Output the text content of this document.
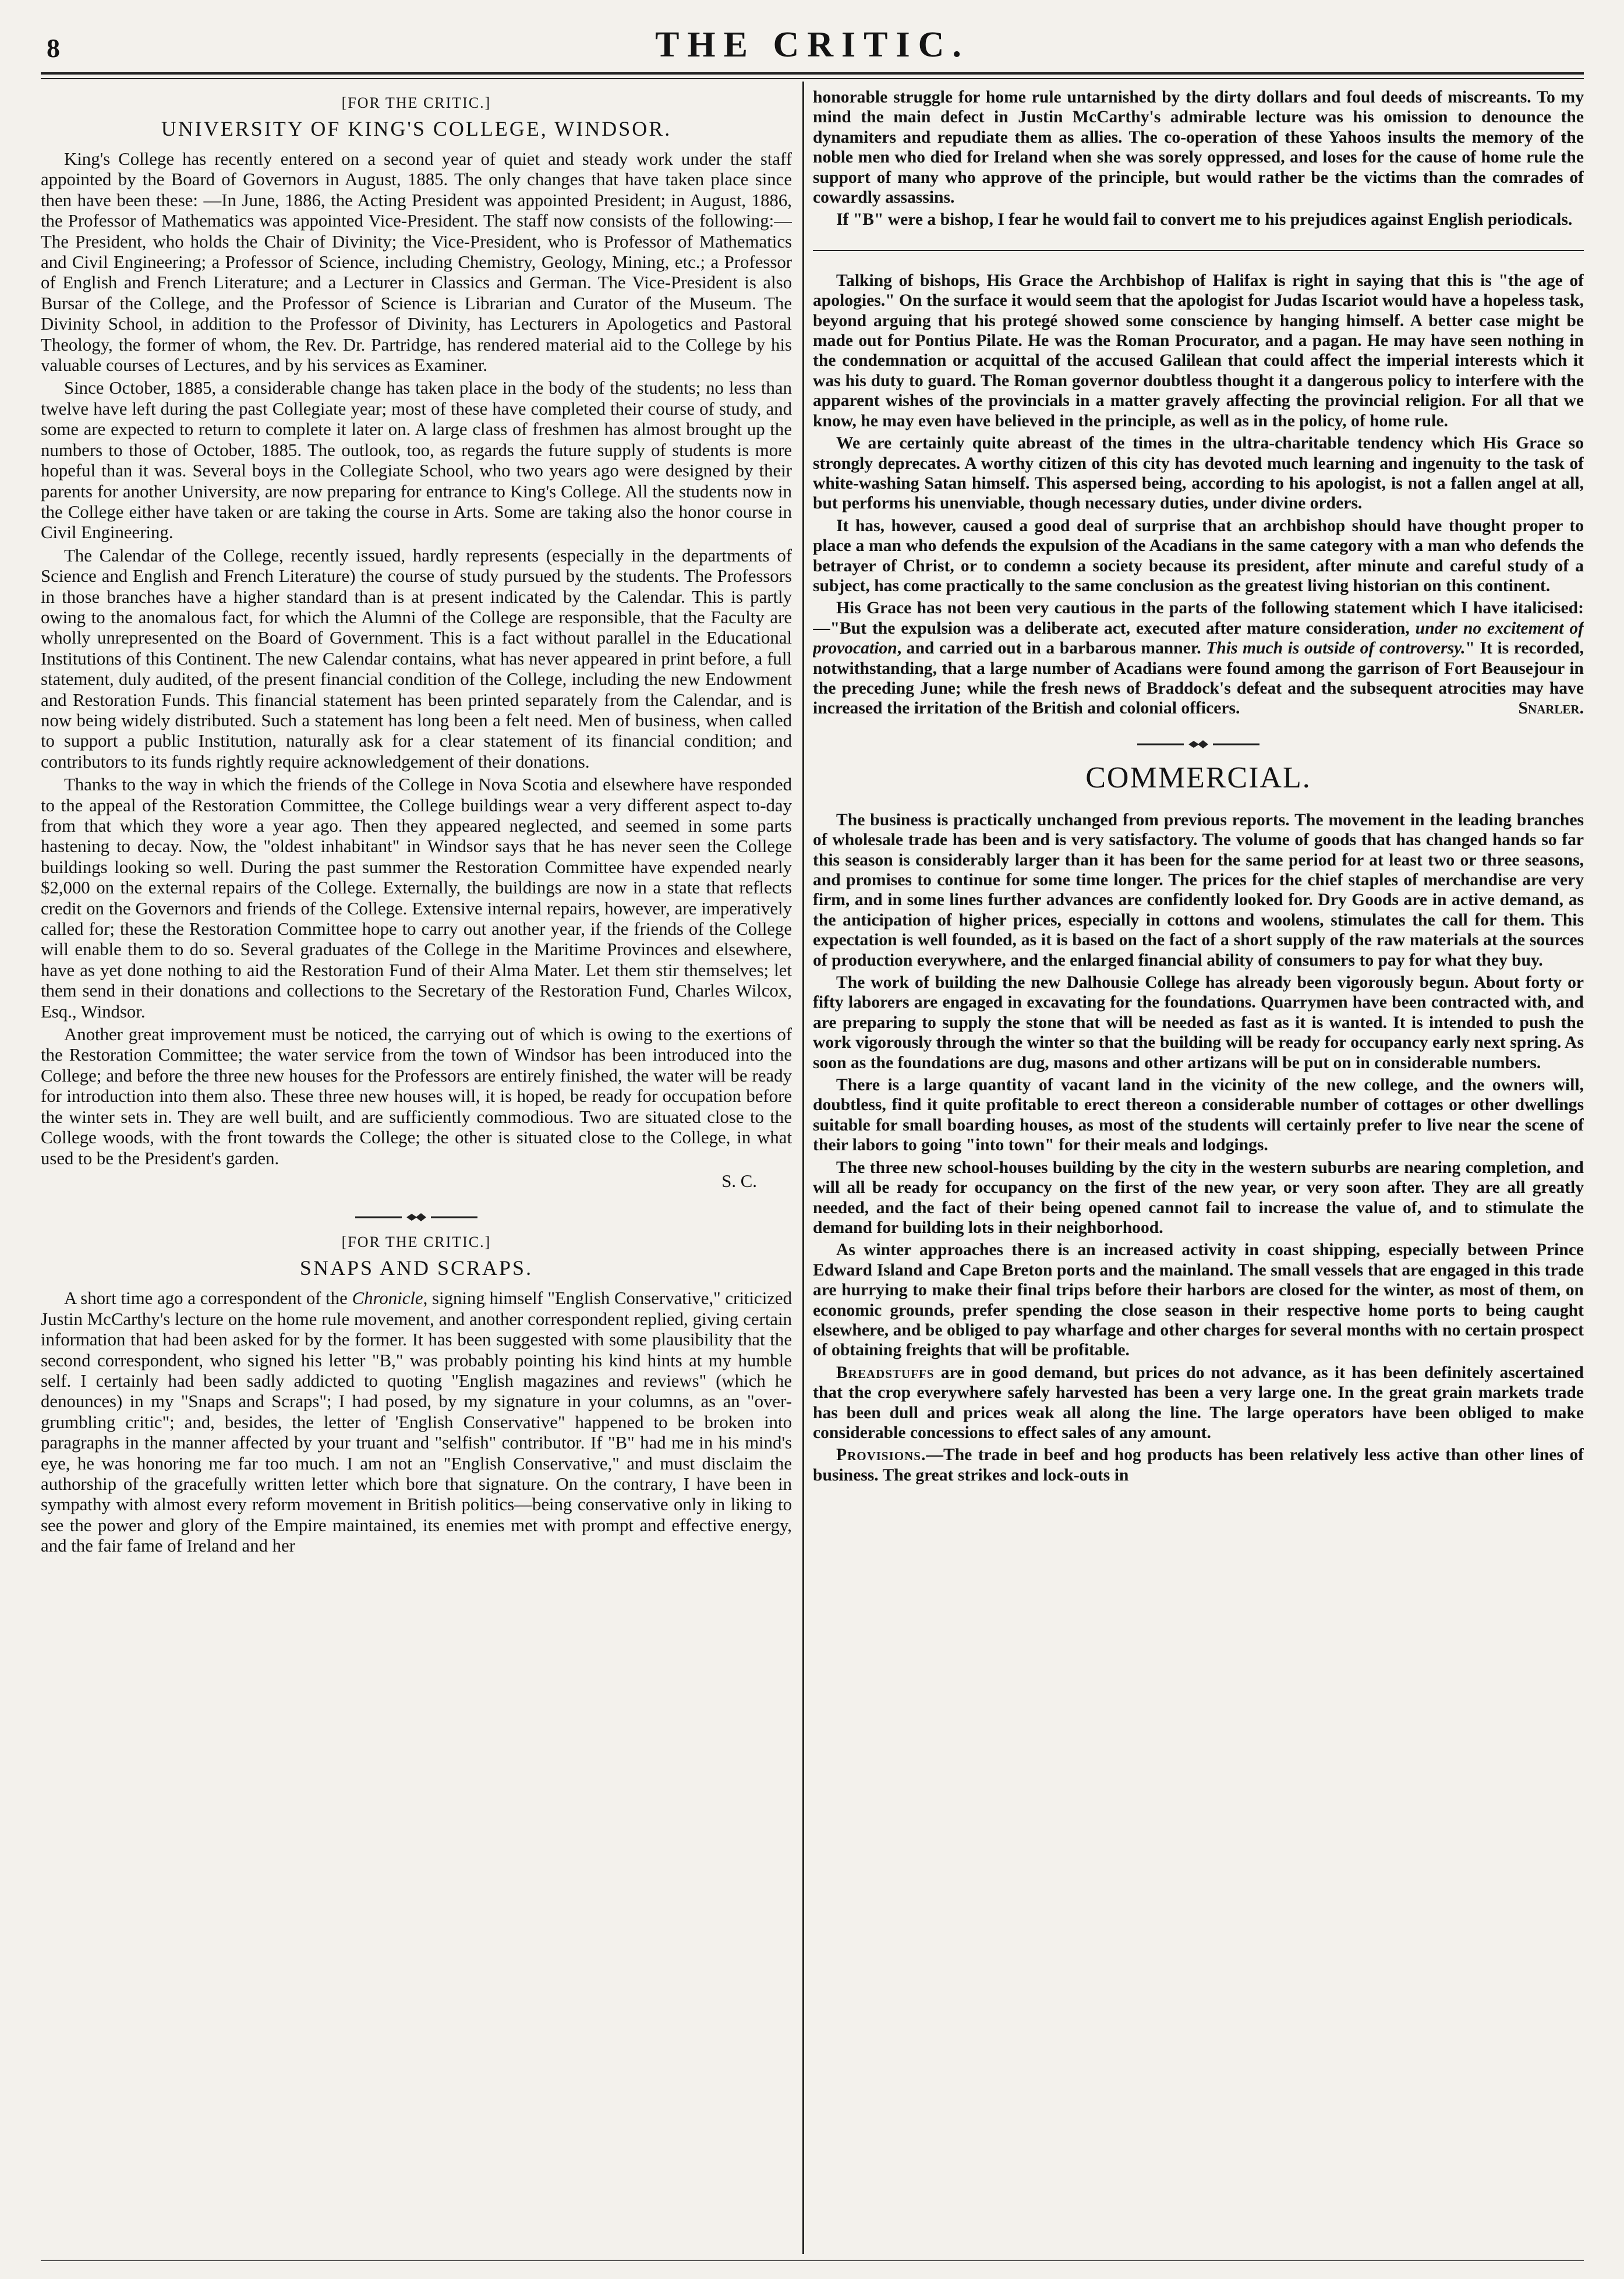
8	THE CRITIC.
[FOR THE CRITIC.]
UNIVERSITY OF KING'S COLLEGE, WINDSOR.

King's College has recently entered on a second year of quiet and steady work under the staff appointed by the Board of Governors in August, 1885. The only changes that have taken place since then have been these: —In June, 1886, the Acting President was appointed President; in August, 1886, the Professor of Mathematics was appointed Vice-President. The staff now consists of the following:—The President, who holds the Chair of Divinity; the Vice-President, who is Professor of Mathematics and Civil Engineering; a Professor of Science, including Chemistry, Geology, Mining, etc.; a Professor of English and French Literature; and a Lecturer in Classics and German. The Vice-President is also Bursar of the College, and the Professor of Science is Librarian and Curator of the Museum. The Divinity School, in addition to the Professor of Divinity, has Lecturers in Apologetics and Pastoral Theology, the former of whom, the Rev. Dr. Partridge, has rendered material aid to the College by his valuable courses of Lectures, and by his services as Examiner.

Since October, 1885, a considerable change has taken place in the body of the students; no less than twelve have left during the past Collegiate year; most of these have completed their course of study, and some are expected to return to complete it later on. A large class of freshmen has almost brought up the numbers to those of October, 1885. The outlook, too, as regards the future supply of students is more hopeful than it was. Several boys in the Collegiate School, who two years ago were designed by their parents for another University, are now preparing for entrance to King's College. All the students now in the College either have taken or are taking the course in Arts. Some are taking also the honor course in Civil Engineering.

The Calendar of the College, recently issued, hardly represents (especially in the departments of Science and English and French Literature) the course of study pursued by the students. The Professors in those branches have a higher standard than is at present indicated by the Calendar. This is partly owing to the anomalous fact, for which the Alumni of the College are responsible, that the Faculty are wholly unrepresented on the Board of Government. This is a fact without parallel in the Educational Institutions of this Continent. The new Calendar contains, what has never appeared in print before, a full statement, duly audited, of the present financial condition of the College, including the new Endowment and Restoration Funds. This financial statement has been printed separately from the Calendar, and is now being widely distributed. Such a statement has long been a felt need. Men of business, when called to support a public Institution, naturally ask for a clear statement of its financial condition; and contributors to its funds rightly require acknowledgement of their donations.

Thanks to the way in which the friends of the College in Nova Scotia and elsewhere have responded to the appeal of the Restoration Committee, the College buildings wear a very different aspect to-day from that which they wore a year ago. Then they appeared neglected, and seemed in some parts hastening to decay. Now, the "oldest inhabitant" in Windsor says that he has never seen the College buildings looking so well. During the past summer the Restoration Committee have expended nearly $2,000 on the external repairs of the College. Externally, the buildings are now in a state that reflects credit on the Governors and friends of the College. Extensive internal repairs, however, are imperatively called for; these the Restoration Committee hope to carry out another year, if the friends of the College will enable them to do so. Several graduates of the College in the Maritime Provinces and elsewhere, have as yet done nothing to aid the Restoration Fund of their Alma Mater. Let them stir themselves; let them send in their donations and collections to the Secretary of the Restoration Fund, Charles Wilcox, Esq., Windsor.

Another great improvement must be noticed, the carrying out of which is owing to the exertions of the Restoration Committee; the water service from the town of Windsor has been introduced into the College; and before the three new houses for the Professors are entirely finished, the water will be ready for introduction into them also. These three new houses will, it is hoped, be ready for occupation before the winter sets in. They are well built, and are sufficiently commodious. Two are situated close to the College woods, with the front towards the College; the other is situated close to the College, in what used to be the President's garden.

S. C.

[FOR THE CRITIC.]
SNAPS AND SCRAPS.

A short time ago a correspondent of the Chronicle, signing himself "English Conservative," criticized Justin McCarthy's lecture on the home rule movement, and another correspondent replied, giving certain information that had been asked for by the former. It has been suggested with some plausibility that the second correspondent, who signed his letter "B," was probably pointing his kind hints at my humble self. I certainly had been sadly addicted to quoting "English magazines and reviews" (which he denounces) in my "Snaps and Scraps"; I had posed, by my signature in your columns, as an "over-grumbling critic"; and, besides, the letter of 'English Conservative" happened to be broken into paragraphs in the manner affected by your truant and "selfish" contributor. If "B" had me in his mind's eye, he was honoring me far too much. I am not an "English Conservative," and must disclaim the authorship of the gracefully written letter which bore that signature. On the contrary, I have been in sympathy with almost every reform movement in British politics—being conservative only in liking to see the power and glory of the Empire maintained, its enemies met with prompt and effective energy, and the fair fame of Ireland and her

honorable struggle for home rule untarnished by the dirty dollars and foul deeds of miscreants. To my mind the main defect in Justin McCarthy's admirable lecture was his omission to denounce the dynamiters and repudiate them as allies. The co-operation of these Yahoos insults the memory of the noble men who died for Ireland when she was sorely oppressed, and loses for the cause of home rule the support of many who approve of the principle, but would rather be the victims than the comrades of cowardly assassins.

If "B" were a bishop, I fear he would fail to convert me to his prejudices against English periodicals.

Talking of bishops, His Grace the Archbishop of Halifax is right in saying that this is "the age of apologies." On the surface it would seem that the apologist for Judas Iscariot would have a hopeless task, beyond arguing that his protegé showed some conscience by hanging himself. A better case might be made out for Pontius Pilate. He was the Roman Procurator, and a pagan. He may have seen nothing in the condemnation or acquittal of the accused Galilean that could affect the imperial interests which it was his duty to guard. The Roman governor doubtless thought it a dangerous policy to interfere with the apparent wishes of the provincials in a matter gravely affecting the provincial religion. For all that we know, he may even have believed in the principle, as well as in the policy, of home rule.

We are certainly quite abreast of the times in the ultra-charitable tendency which His Grace so strongly deprecates. A worthy citizen of this city has devoted much learning and ingenuity to the task of white-washing Satan himself. This aspersed being, according to his apologist, is not a fallen angel at all, but performs his unenviable, though necessary duties, under divine orders.

It has, however, caused a good deal of surprise that an archbishop should have thought proper to place a man who defends the expulsion of the Acadians in the same category with a man who defends the betrayer of Christ, or to condemn a society because its president, after minute and careful study of a subject, has come practically to the same conclusion as the greatest living historian on this continent.

His Grace has not been very cautious in the parts of the following statement which I have italicised:—"But the expulsion was a deliberate act, executed after mature consideration, under no excitement of provocation, and carried out in a barbarous manner. This much is outside of controversy." It is recorded, notwithstanding, that a large number of Acadians were found among the garrison of Fort Beausejour in the preceding June; while the fresh news of Braddock's defeat and the subsequent atrocities may have increased the irritation of the British and colonial officers.	Snarler.

COMMERCIAL.

The business is practically unchanged from previous reports. The movement in the leading branches of wholesale trade has been and is very satisfactory. The volume of goods that has changed hands so far this season is considerably larger than it has been for the same period for at least two or three seasons, and promises to continue for some time longer. The prices for the chief staples of merchandise are very firm, and in some lines further advances are confidently looked for. Dry Goods are in active demand, as the anticipation of higher prices, especially in cottons and woolens, stimulates the call for them. This expectation is well founded, as it is based on the fact of a short supply of the raw materials at the sources of production everywhere, and the enlarged financial ability of consumers to pay for what they buy.

The work of building the new Dalhousie College has already been vigorously begun. About forty or fifty laborers are engaged in excavating for the foundations. Quarrymen have been contracted with, and are preparing to supply the stone that will be needed as fast as it is wanted. It is intended to push the work vigorously through the winter so that the building will be ready for occupancy early next spring. As soon as the foundations are dug, masons and other artizans will be put on in considerable numbers.

There is a large quantity of vacant land in the vicinity of the new college, and the owners will, doubtless, find it quite profitable to erect thereon a considerable number of cottages or other dwellings suitable for small boarding houses, as most of the students will certainly prefer to live near the scene of their labors to going "into town" for their meals and lodgings.

The three new school-houses building by the city in the western suburbs are nearing completion, and will all be ready for occupancy on the first of the new year, or very soon after. They are all greatly needed, and the fact of their being opened cannot fail to increase the value of, and to stimulate the demand for building lots in their neighborhood.

As winter approaches there is an increased activity in coast shipping, especially between Prince Edward Island and Cape Breton ports and the mainland. The small vessels that are engaged in this trade are hurrying to make their final trips before their harbors are closed for the winter, as most of them, on economic grounds, prefer spending the close season in their respective home ports to being caught elsewhere, and be obliged to pay wharfage and other charges for several months with no certain prospect of obtaining freights that will be profitable.

Breadstuffs are in good demand, but prices do not advance, as it has been definitely ascertained that the crop everywhere safely harvested has been a very large one. In the great grain markets trade has been dull and prices weak all along the line. The large operators have been obliged to make considerable concessions to effect sales of any amount.

Provisions.—The trade in beef and hog products has been relatively less active than other lines of business. The great strikes and lock-outs in
